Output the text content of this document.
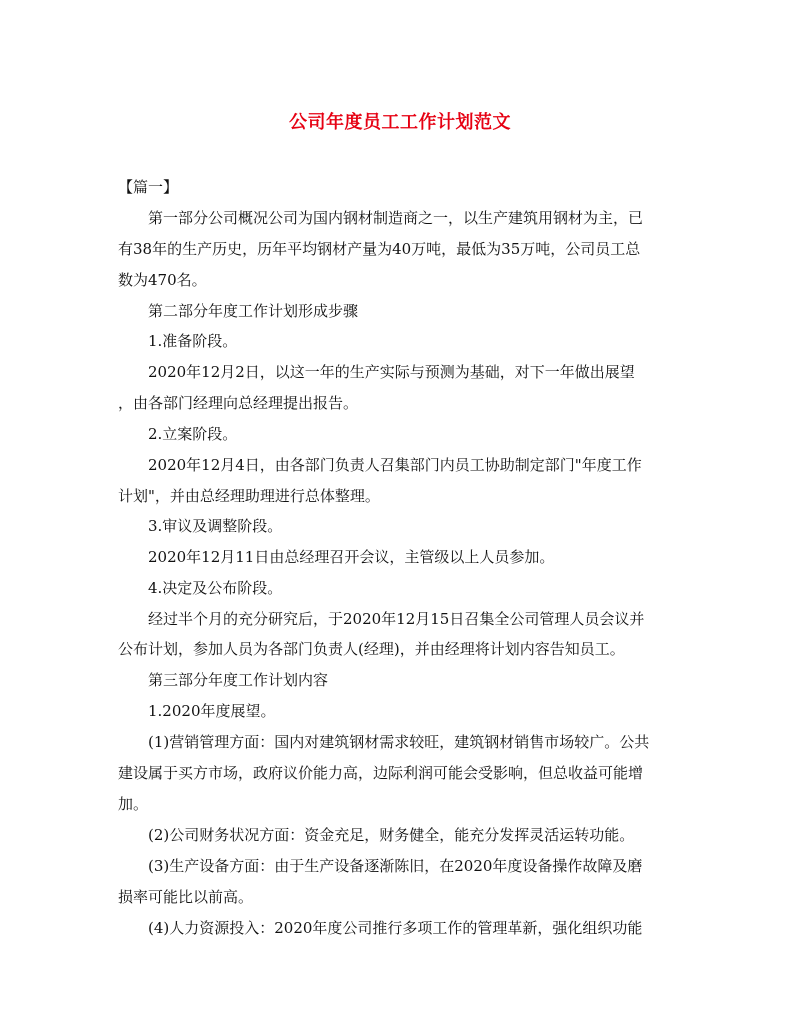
公司年度员工工作计划范文

【篇一】

第一部分公司概况公司为国内钢材制造商之一，以生产建筑用钢材为主，已

有38年的生产历史，历年平均钢材产量为40万吨，最低为35万吨，公司员工总

数为470名。

第二部分年度工作计划形成步骤

1.准备阶段。

2020年12月2日，以这一年的生产实际与预测为基础，对下一年做出展望

，由各部门经理向总经理提出报告。

2.立案阶段。

2020年12月4日，由各部门负责人召集部门内员工协助制定部门"年度工作

计划"，并由总经理助理进行总体整理。

3.审议及调整阶段。

2020年12月11日由总经理召开会议，主管级以上人员参加。

4.决定及公布阶段。

经过半个月的充分研究后，于2020年12月15日召集全公司管理人员会议并

公布计划，参加人员为各部门负责人(经理)，并由经理将计划内容告知员工。

第三部分年度工作计划内容

1.2020年度展望。

(1)营销管理方面：国内对建筑钢材需求较旺，建筑钢材销售市场较广。公共

建设属于买方市场，政府议价能力高，边际利润可能会受影响，但总收益可能增

加。

(2)公司财务状况方面：资金充足，财务健全，能充分发挥灵活运转功能。

(3)生产设备方面：由于生产设备逐渐陈旧，在2020年度设备操作故障及磨

损率可能比以前高。

(4)人力资源投入：2020年度公司推行多项工作的管理革新，强化组织功能
